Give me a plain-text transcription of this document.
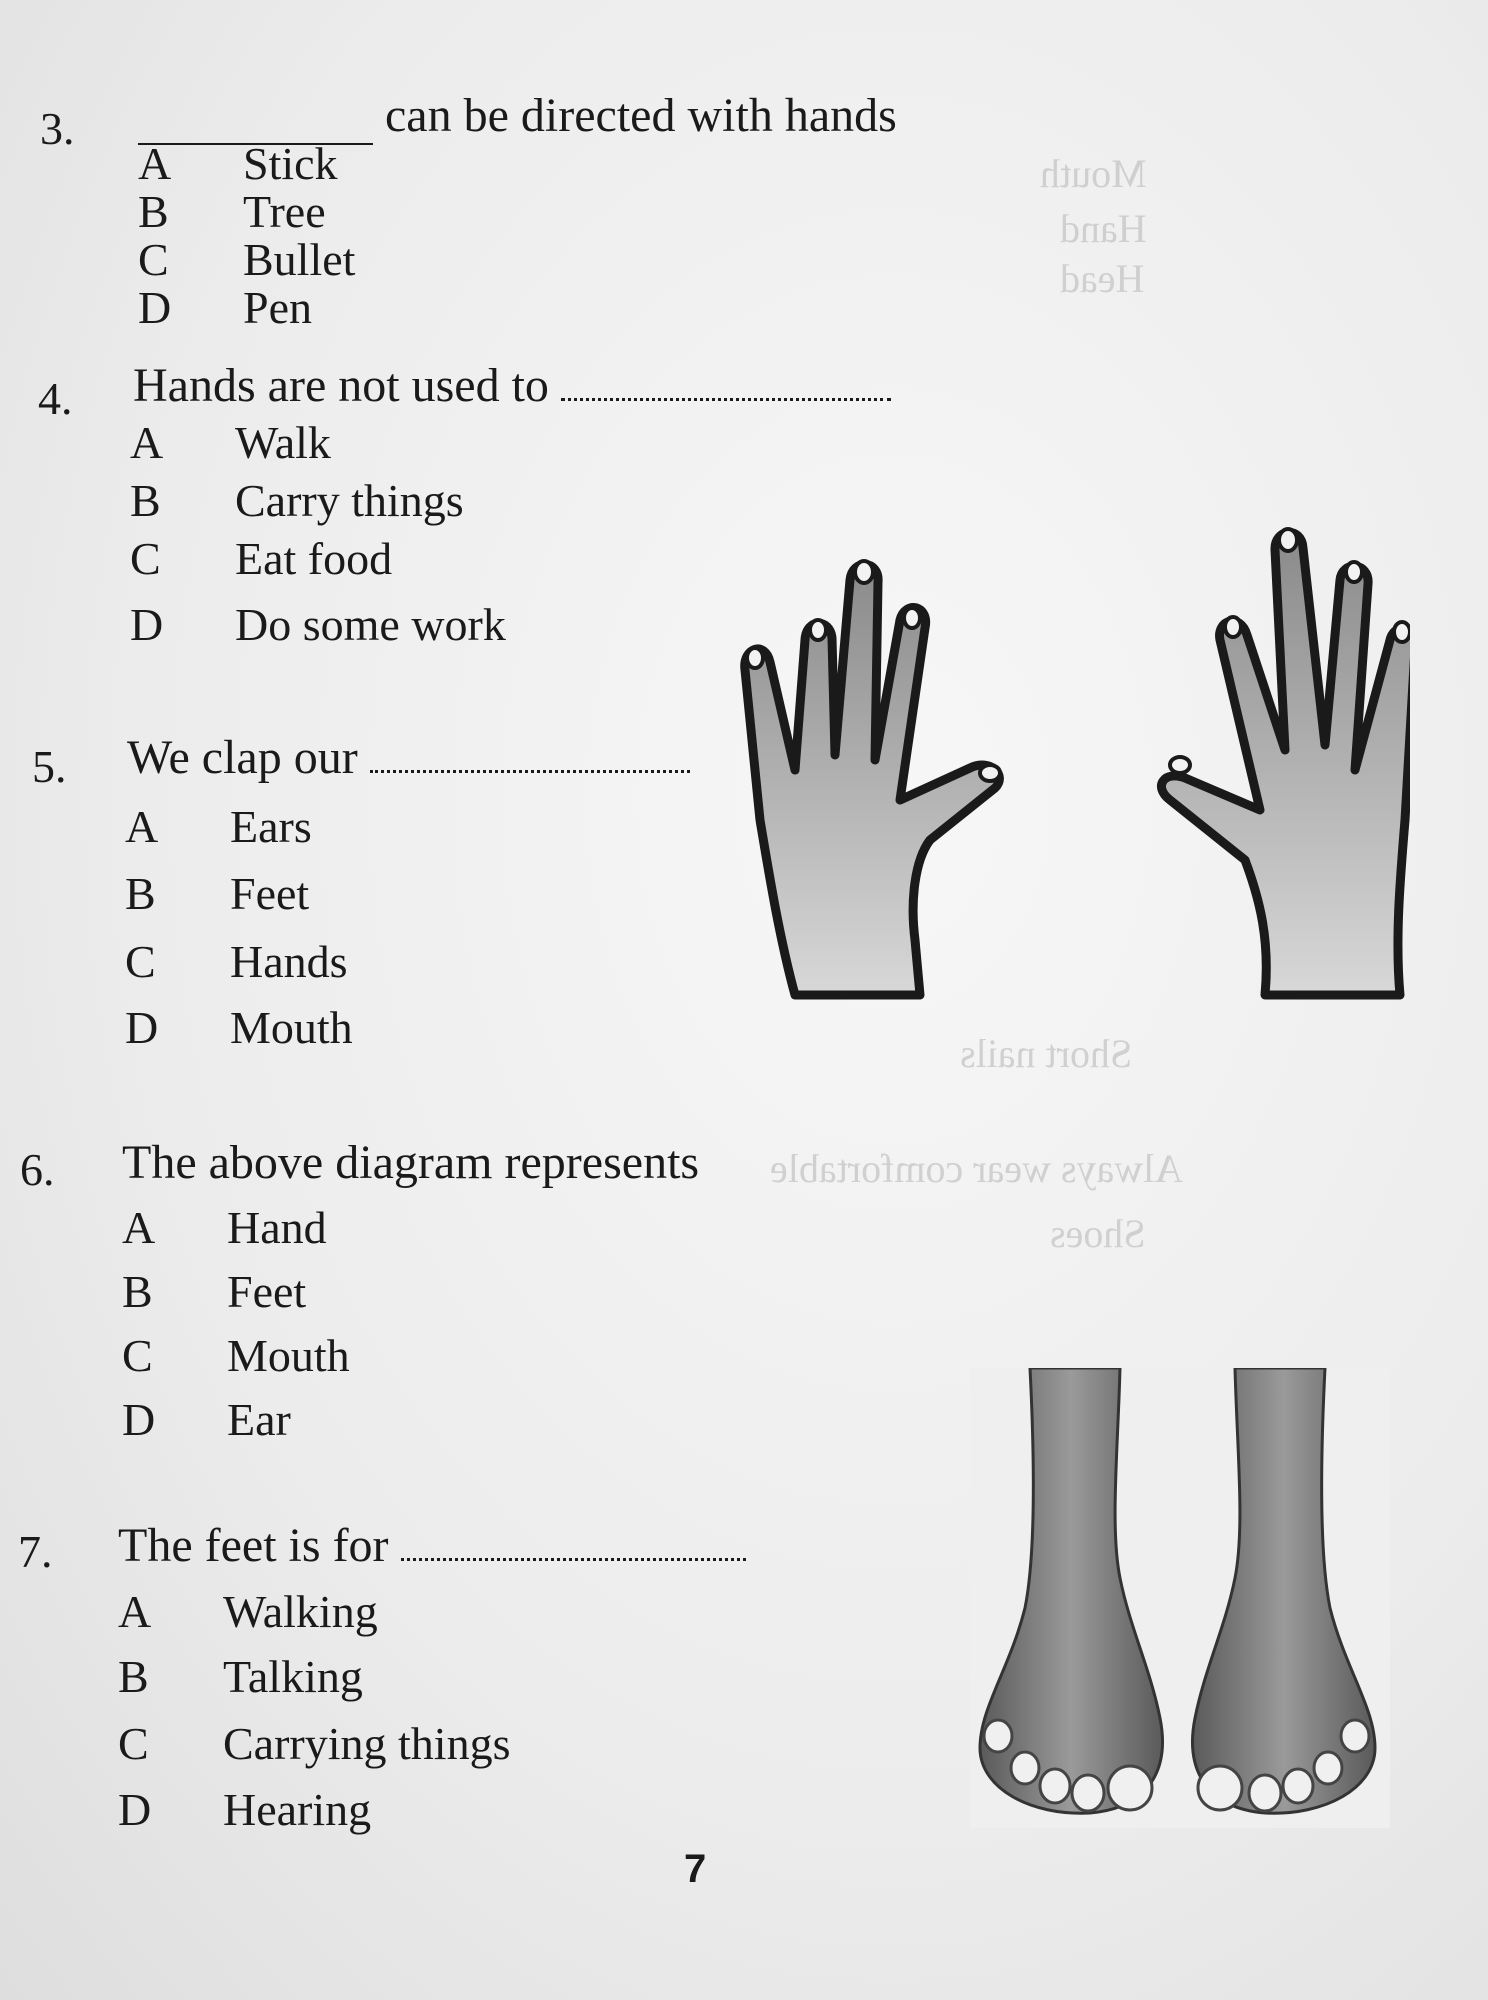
Mouth
Hand
Head
Always wear comfortable
Shoes
Short nails
3.	can be directed with hands
A Stick
B Tree
C Bullet
D Pen
4. Hands are not used to
A Walk
B Carry things
C Eat food
D Do some work
5. We clap our
A Ears
B Feet
C Hands
D Mouth
6. The above diagram represents
A Hand
B Feet
C Mouth
D Ear
7. The feet is for
A Walking
B Talking
C Carrying things
D Hearing
7
